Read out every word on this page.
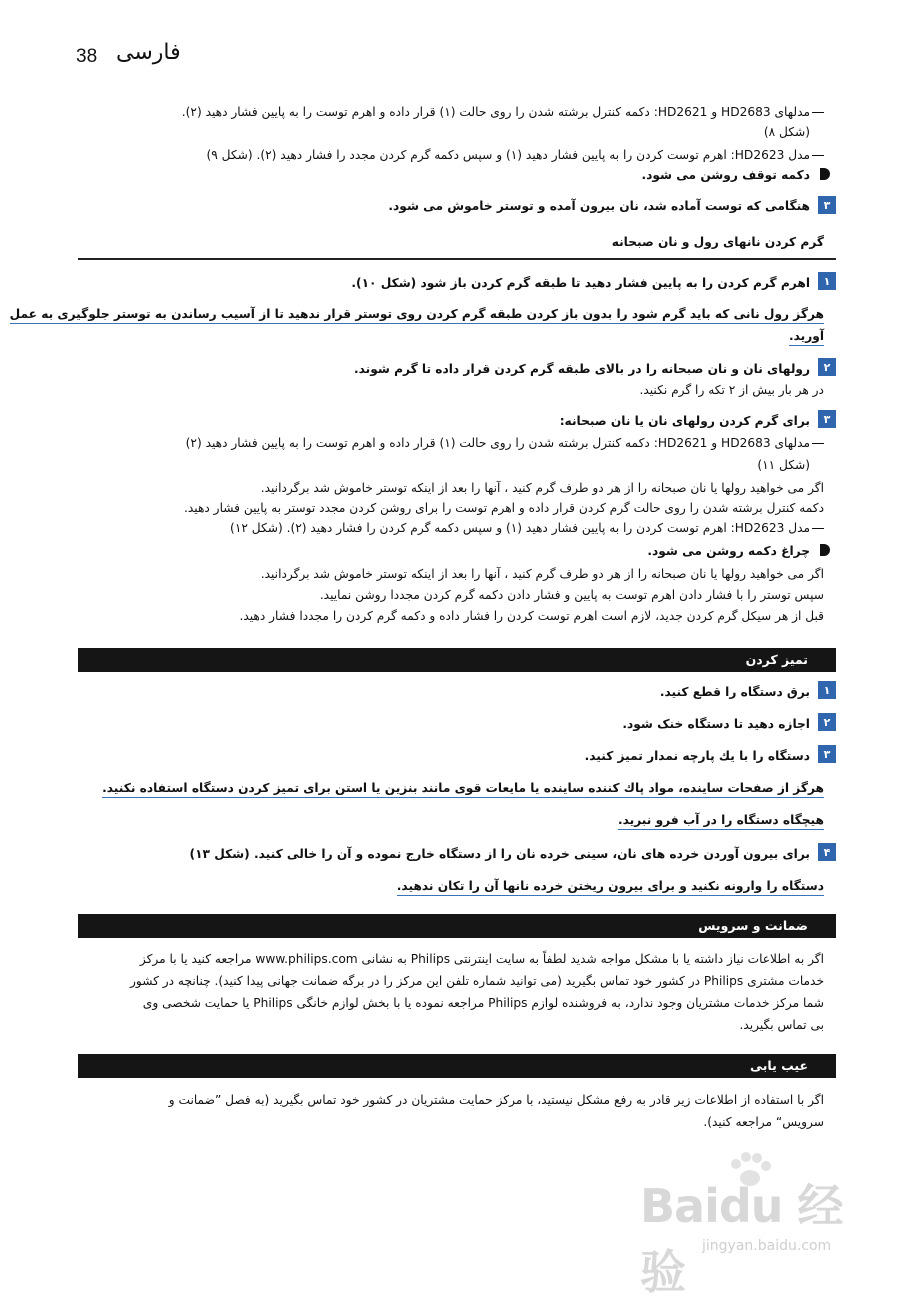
38 فارسی
مدلهای HD2683 و HD2621: دکمه کنترل برشته شدن را روی حالت (۱) قرار داده و اهرم توست را به پایین فشار دهید (۲).
(شکل ۸)
مدل HD2623: اهرم توست کردن را به پایین فشار دهید (۱) و سپس دکمه گرم کردن مجدد را فشار دهید (۲). (شکل ۹)
دکمه توقف روشن می شود.
۳
هنگامی که توست آماده شد، نان بیرون آمده و توستر خاموش می شود.
گرم کردن نانهای رول و نان صبحانه
۱
اهرم گرم کردن را به پایین فشار دهید تا طبقه گرم کردن باز شود (شکل ۱۰).
هرگز رول نانی که باید گرم شود را بدون باز کردن طبقه گرم کردن روی توستر قرار ندهید تا از آسیب رساندن به توستر جلوگیری به عمل
آورید.
۲
رولهای نان و نان صبحانه را در بالای طبقه گرم کردن قرار داده تا گرم شوند.
در هر بار بیش از ۲ تکه را گرم نکنید.
۳
برای گرم کردن رولهای نان یا نان صبحانه:
مدلهای HD2683 و HD2621: دکمه کنترل برشته شدن را روی حالت (۱) قرار داده و اهرم توست را به پایین فشار دهید (۲)
(شکل ۱۱)
اگر می خواهید رولها یا نان صبحانه را از هر دو طرف گرم کنید ، آنها را بعد از اینکه توستر خاموش شد برگردانید.
دکمه کنترل برشته شدن را روی حالت گرم کردن قرار داده و اهرم توست را برای روشن کردن مجدد توستر به پایین فشار دهید.
مدل HD2623: اهرم توست کردن را به پایین فشار دهید (۱) و سپس دکمه گرم کردن را فشار دهید (۲). (شکل ۱۲)
چراغ دکمه روشن می شود.
اگر می خواهید رولها یا نان صبحانه را از هر دو طرف گرم کنید ، آنها را بعد از اینکه توستر خاموش شد برگردانید.
سپس توستر را با فشار دادن اهرم توست به پایین و فشار دادن دکمه گرم کردن مجددا روشن نمایید.
قبل از هر سیکل گرم کردن جدید، لازم است اهرم توست کردن را فشار داده و دکمه گرم کردن را مجددا فشار دهید.
تمیز کردن
۱
برق دستگاه را قطع کنید.
۲
اجازه دهید تا دستگاه خنک شود.
۳
دستگاه را با یك پارچه نمدار تمیز کنید.
هرگز از صفحات ساینده، مواد پاك کننده ساینده یا مایعات قوی مانند بنزین یا استن برای تمیز کردن دستگاه استفاده نکنید.
هیچگاه دستگاه را در آب فرو نبرید.
۴
برای بیرون آوردن خرده های نان، سینی خرده نان را از دستگاه خارج نموده و آن را خالی کنید. (شکل ۱۳)
دستگاه را وارونه نکنید و برای بیرون ریختن خرده نانها آن را تکان ندهید.
ضمانت و سرویس
اگر به اطلاعات نیاز داشته یا با مشکل مواجه شدید لطفاً به سایت اینترنتی Philips به نشانی www.philips.com مراجعه کنید یا با مرکز
خدمات مشتری Philips در کشور خود تماس بگیرید (می توانید شماره تلفن این مرکز را در برگه ضمانت جهانی پیدا کنید). چنانچه در کشور
شما مرکز خدمات مشتریان وجود ندارد، به فروشنده لوازم Philips مراجعه نموده یا با بخش لوازم خانگی Philips یا حمایت شخصی وی
بی تماس بگیرید.
عیب یابی
اگر با استفاده از اطلاعات زیر قادر به رفع مشکل نیستید، با مرکز حمایت مشتریان در کشور خود تماس بگیرید (به فصل ”ضمانت و
سرویس“ مراجعه کنید).
Baidu 经验	jingyan.baidu.com
